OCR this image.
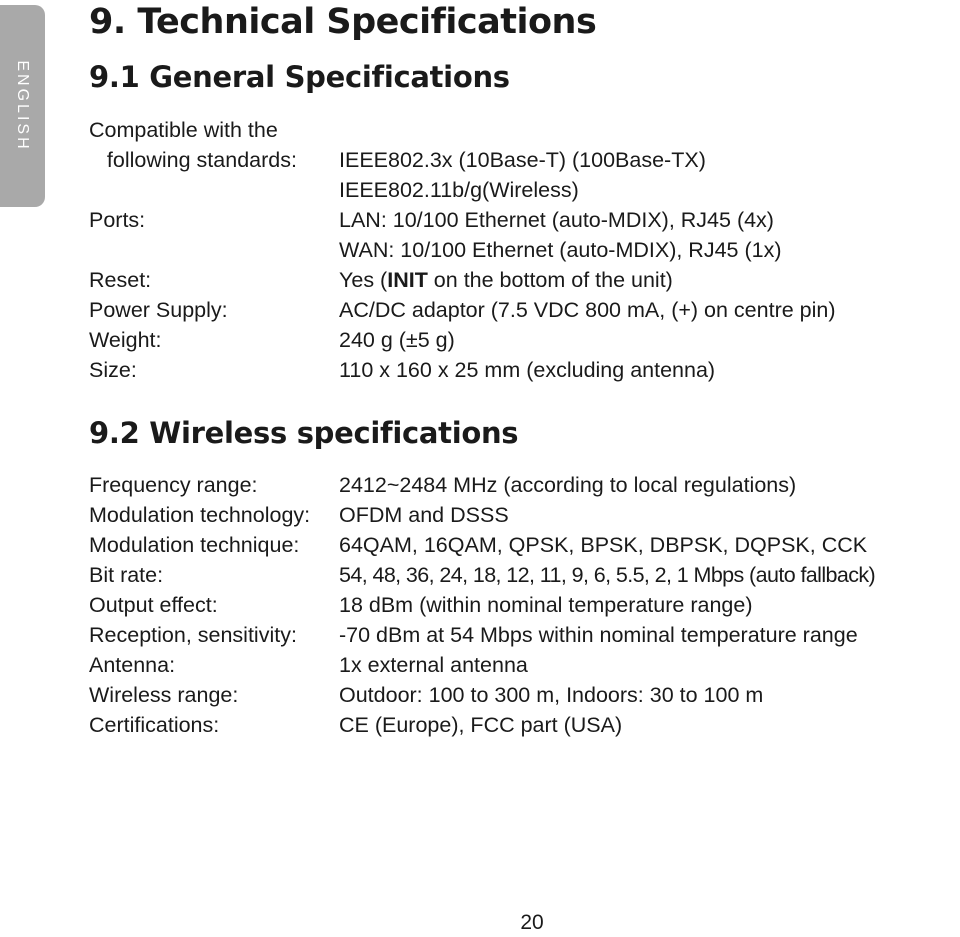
ENGLISH
9. Technical Specifications
9.1 General Specifications
Compatible with the
following standards: IEEE802.3x (10Base-T) (100Base-TX)
IEEE802.11b/g(Wireless)
Ports:	LAN: 10/100 Ethernet (auto-MDIX), RJ45 (4x)
WAN: 10/100 Ethernet (auto-MDIX), RJ45 (1x)
Reset:	Yes (INIT on the bottom of the unit)
Power Supply:	AC/DC adaptor (7.5 VDC 800 mA, (+) on centre pin)
Weight:	240 g (±5 g)
Size:	110 x 160 x 25 mm (excluding antenna)
9.2 Wireless specifications
Frequency range:	2412~2484 MHz (according to local regulations)
Modulation technology: OFDM and DSSS
Modulation technique: 64QAM, 16QAM, QPSK, BPSK, DBPSK, DQPSK, CCK
Bit rate:	54, 48, 36, 24, 18, 12, 11, 9, 6, 5.5, 2, 1 Mbps (auto fallback)
Output effect:	18 dBm (within nominal temperature range)
Reception, sensitivity: -70 dBm at 54 Mbps within nominal temperature range
Antenna:	1x external antenna
Wireless range:	Outdoor: 100 to 300 m, Indoors: 30 to 100 m
Certifications:	CE (Europe), FCC part (USA)
20
